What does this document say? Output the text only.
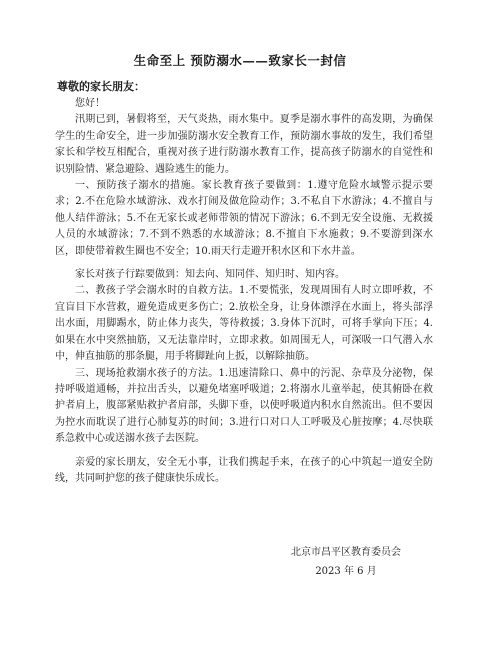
生命至上 预防溺水——致家长一封信
尊敬的家长朋友：

您好！

汛期已到，暑假将至，天气炎热，雨水集中。夏季是溺水事件的高发期，为确保学生的生命安全，进一步加强防溺水安全教育工作，预防溺水事故的发生，我们希望家长和学校互相配合，重视对孩子进行防溺水教育工作，提高孩子防溺水的自觉性和识别险情、紧急避险、遇险逃生的能力。

一、预防孩子溺水的措施。家长教育孩子要做到：1.遵守危险水域警示提示要求；2.不在危险水域游泳、戏水打闹及做危险动作；3.不私自下水游泳；4.不擅自与他人结伴游泳；5.不在无家长或老师带领的情况下游泳；6.不到无安全设施、无救援人员的水域游泳；7.不到不熟悉的水域游泳；8.不擅自下水施救；9.不要游到深水区，即使带着救生圈也不安全；10.雨天行走避开积水区和下水井盖。

家长对孩子行踪要做到：知去向、知同伴、知归时、知内容。

二、教孩子学会溺水时的自救方法。1.不要慌张，发现周围有人时立即呼救，不宜盲目下水营救，避免造成更多伤亡；2.放松全身，让身体漂浮在水面上，将头部浮出水面，用脚踢水，防止体力丧失，等待救援；3.身体下沉时，可将手掌向下压；4.如果在水中突然抽筋，又无法靠岸时，立即求救。如周围无人，可深吸一口气潜入水中，伸直抽筋的那条腿，用手将脚趾向上扳，以解除抽筋。

三、现场抢救溺水孩子的方法。1.迅速清除口、鼻中的污泥、杂草及分泌物，保持呼吸道通畅，并拉出舌头，以避免堵塞呼吸道；2.将溺水儿童举起，使其俯卧在救护者肩上，腹部紧贴救护者肩部，头脚下垂，以使呼吸道内积水自然流出。但不要因为控水而耽误了进行心肺复苏的时间；3.进行口对口人工呼吸及心脏按摩；4.尽快联系急救中心或送溺水孩子去医院。

亲爱的家长朋友，安全无小事，让我们携起手来，在孩子的心中筑起一道安全防线，共同呵护您的孩子健康快乐成长。

北京市昌平区教育委员会
2023 年 6 月
